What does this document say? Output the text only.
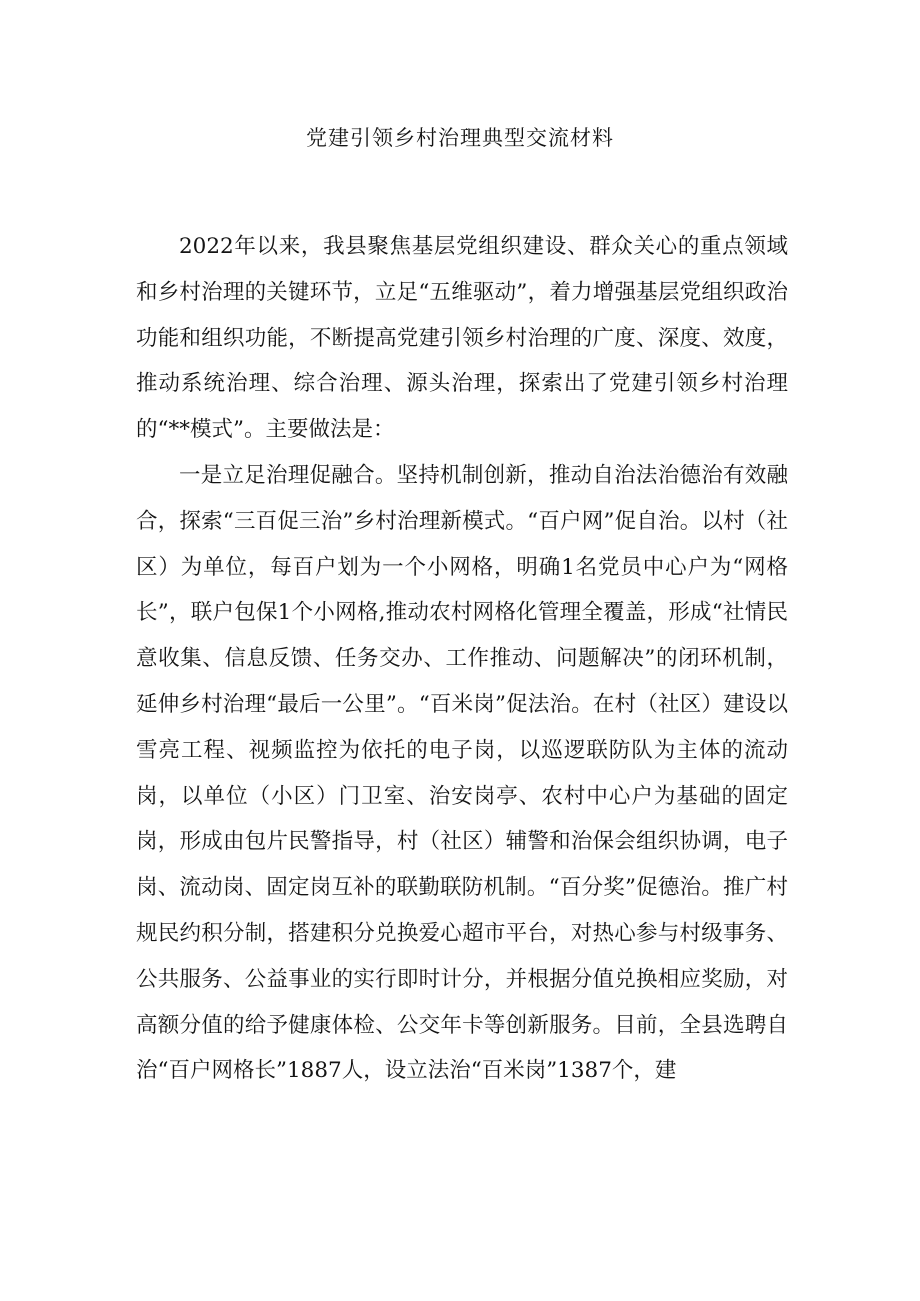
党建引领乡村治理典型交流材料

2022年以来，我县聚焦基层党组织建设、群众关心的重点领域和乡村治理的关键环节，立足“五维驱动”，着力增强基层党组织政治功能和组织功能，不断提高党建引领乡村治理的广度、深度、效度，推动系统治理、综合治理、源头治理，探索出了党建引领乡村治理的“**模式”。主要做法是：

一是立足治理促融合。坚持机制创新，推动自治法治德治有效融合，探索“三百促三治”乡村治理新模式。“百户网”促自治。以村（社区）为单位，每百户划为一个小网格，明确1名党员中心户为“网格长”，联户包保1个小网格,推动农村网格化管理全覆盖，形成“社情民意收集、信息反馈、任务交办、工作推动、问题解决”的闭环机制，延伸乡村治理“最后一公里”。“百米岗”促法治。在村（社区）建设以雪亮工程、视频监控为依托的电子岗，以巡逻联防队为主体的流动岗，以单位（小区）门卫室、治安岗亭、农村中心户为基础的固定岗，形成由包片民警指导，村（社区）辅警和治保会组织协调，电子岗、流动岗、固定岗互补的联勤联防机制。“百分奖”促德治。推广村规民约积分制，搭建积分兑换爱心超市平台，对热心参与村级事务、公共服务、公益事业的实行即时计分，并根据分值兑换相应奖励，对高额分值的给予健康体检、公交年卡等创新服务。目前，全县选聘自治“百户网格长”1887人，设立法治“百米岗”1387个，建
